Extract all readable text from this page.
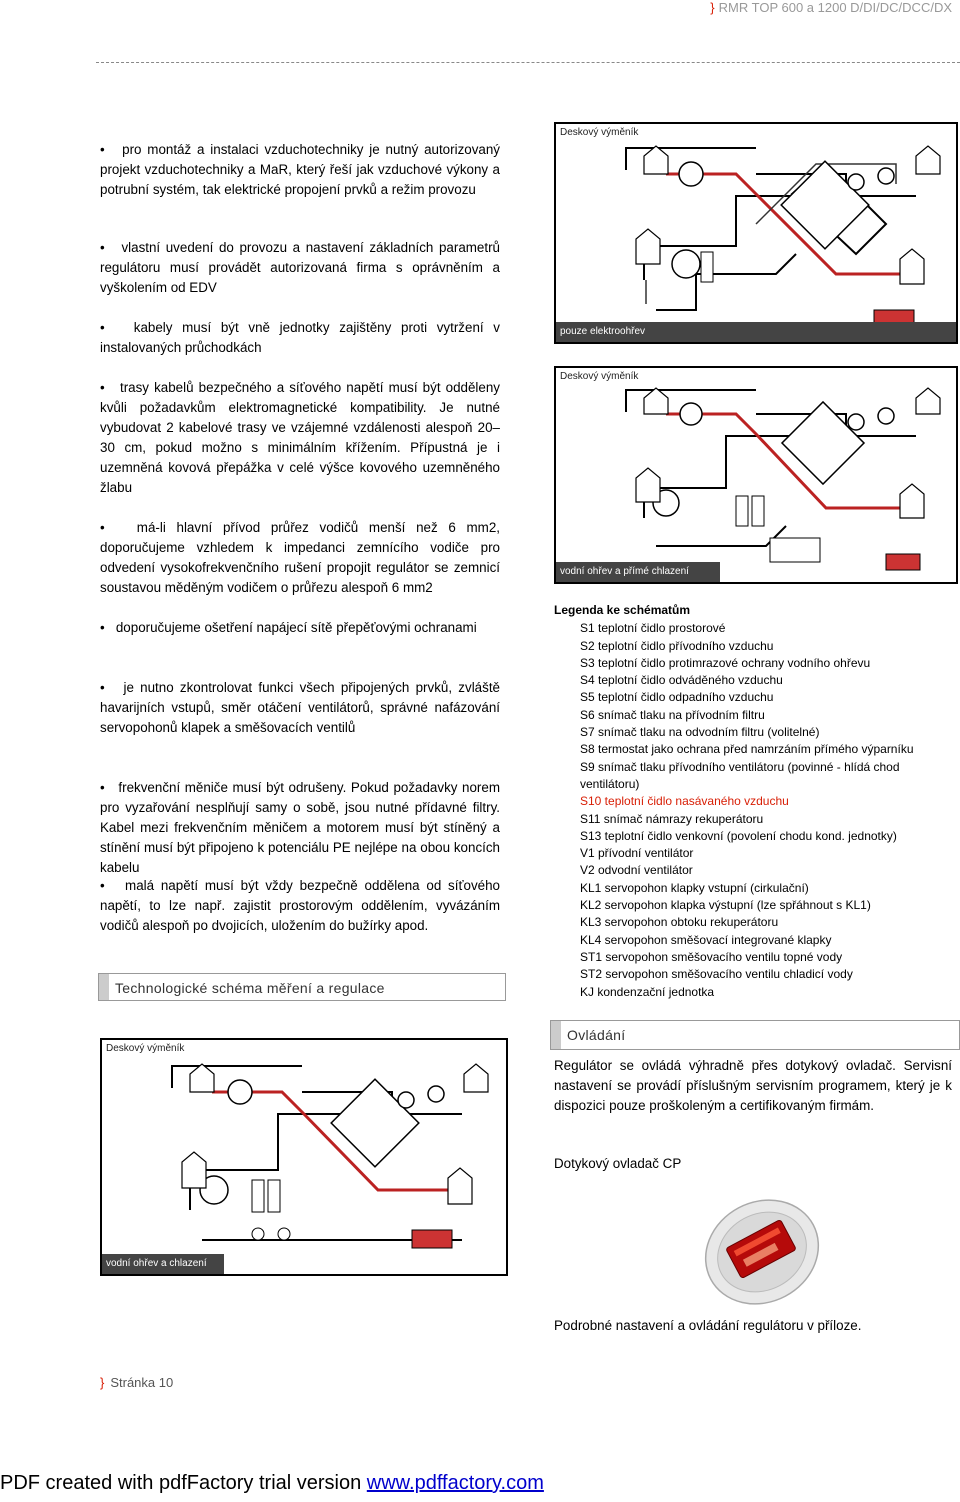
} RMR TOP 600 a 1200 D/DI/DC/DCC/DX

•   pro montáž a instalaci vzduchotechniky je nutný autorizovaný projekt vzduchotechniky a MaR, který řeší jak vzduchové výkony a potrubní systém, tak elektrické propojení prvků a režim provozu

•   vlastní uvedení do provozu a nastavení základních parametrů regulátoru musí provádět autorizovaná firma s oprávněním a vyškolením od EDV

•   kabely musí být vně jednotky zajištěny proti vytržení v instalovaných průchodkách

•   trasy kabelů bezpečného a síťového napětí musí být odděleny kvůli požadavkům elektromagnetické kompatibility. Je nutné vybudovat 2 kabelové trasy ve vzájemné vzdálenosti alespoň 20–30 cm, pokud možno s minimálním křížením. Přípustná je i uzemněná kovová přepážka v celé výšce kovového uzemněného žlabu

•   má-li hlavní přívod průřez vodičů menší než 6 mm2, doporučujeme vzhledem k impedanci zemnícího vodiče pro odvedení vysokofrekvenčního rušení propojit regulátor se zemnicí soustavou měděným vodičem o průřezu alespoň 6 mm2

•   doporučujeme ošetření napájecí sítě přepěťovými ochranami

•   je nutno zkontrolovat funkci všech připojených prvků, zvláště havarijních vstupů, směr otáčení ventilátorů, správné nafázování servopohonů klapek a směšovacích ventilů

•   frekvenční měniče musí být odrušeny. Pokud požadavky norem pro vyzařování nesplňují samy o sobě, jsou nutné přídavné filtry. Kabel mezi frekvenčním měničem a motorem musí být stíněný a stínění musí být připojeno k potenciálu PE nejlépe na obou koncích kabelu

•   malá napětí musí být vždy bezpečně oddělena od síťového napětí, to lze např. zajistit prostorovým oddělením, vyvázáním vodičů alespoň po dvojicích, uložením do bužírky apod.

Technologické schéma měření a regulace
Deskový výměník
pouze elektroohřev
Deskový výměník
vodní ohřev a přímé chlazení
Deskový výměník
vodní ohřev a chlazení
Legenda ke schématům
S1 teplotní čidlo prostorové
S2 teplotní čidlo přívodního vzduchu
S3 teplotní čidlo protimrazové ochrany vodního ohřevu
S4 teplotní čidlo odváděného vzduchu
S5 teplotní čidlo odpadního vzduchu
S6 snímač tlaku na přívodním filtru
S7 snímač tlaku na odvodním filtru (volitelné)
S8 termostat jako ochrana před namrzáním přímého výparníku
S9 snímač tlaku přívodního ventilátoru (povinné - hlídá chod ventilátoru)
S10 teplotní čidlo nasávaného vzduchu
S11 snímač námrazy rekuperátoru
S13 teplotní čidlo venkovní (povolení chodu kond. jednotky)
V1 přívodní ventilátor
V2 odvodní ventilátor
KL1 servopohon klapky vstupní (cirkulační)
KL2 servopohon klapka výstupní (lze spřáhnout s KL1)
KL3 servopohon obtoku rekuperátoru
KL4 servopohon směšovací integrované klapky
ST1 servopohon směšovacího ventilu topné vody
ST2 servopohon směšovacího ventilu chladicí vody
KJ kondenzační jednotka
Ovládání
Regulátor se ovládá výhradně přes dotykový ovladač. Servisní nastavení se provádí příslušným servisním programem, který je k dispozici pouze proškoleným a certifikovaným firmám.
Dotykový ovladač CP
Podrobné nastavení a ovládání regulátoru v příloze.
} Stránka 10
PDF created with pdfFactory trial version www.pdffactory.com
